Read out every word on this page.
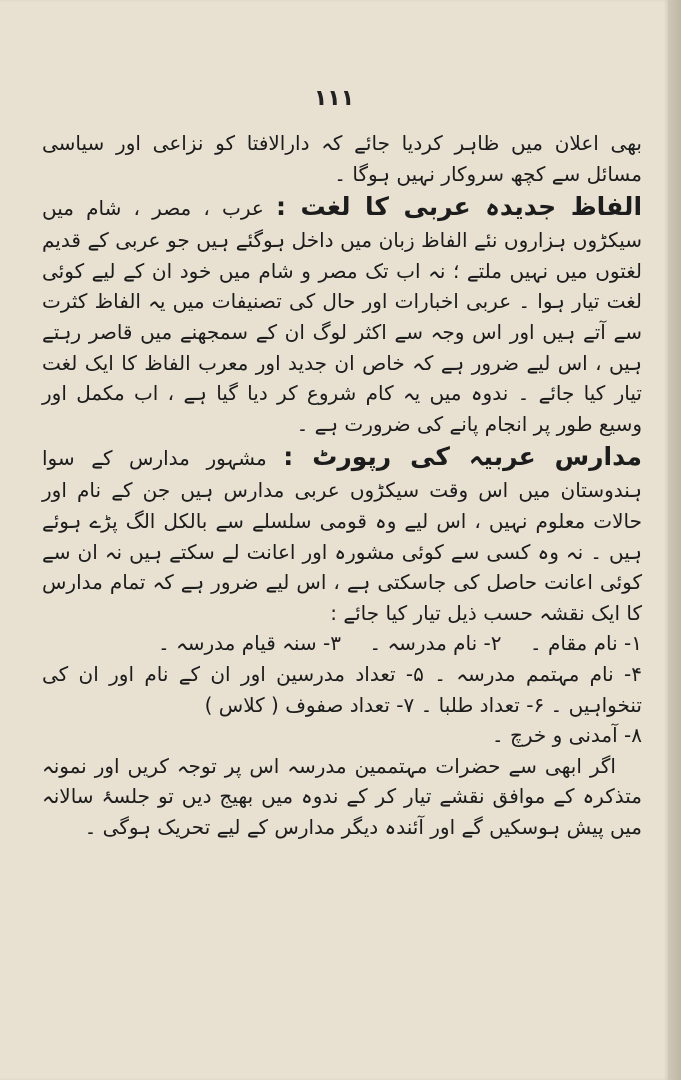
۱۱۱

بھی اعلان میں ظاہر کردیا جائے کہ دارالافتا کو نزاعی اور سیاسی مسائل سے کچھ سروکار نہیں ہوگا ۔

الفاظ جدیدہ عربی کا لغت : عرب ، مصر ، شام میں سیکڑوں ہزاروں نئے الفاظ زبان میں داخل ہوگئے ہیں جو عربی کے قدیم لغتوں میں نہیں ملتے ؛ نہ اب تک مصر و شام میں خود ان کے لیے کوئی لغت تیار ہوا ۔ عربی اخبارات اور حال کی تصنیفات میں یہ الفاظ کثرت سے آتے ہیں اور اس وجہ سے اکثر لوگ ان کے سمجھنے میں قاصر رہتے ہیں ، اس لیے ضرور ہے کہ خاص ان جدید اور معرب الفاظ کا ایک لغت تیار کیا جائے ۔ ندوہ میں یہ کام شروع کر دیا گیا ہے ، اب مکمل اور وسیع طور پر انجام پانے کی ضرورت ہے ۔

مدارس عربیہ کی رپورٹ : مشہور مدارس کے سوا ہندوستان میں اس وقت سیکڑوں عربی مدارس ہیں جن کے نام اور حالات معلوم نہیں ، اس لیے وہ قومی سلسلے سے بالکل الگ پڑے ہوئے ہیں ۔ نہ وہ کسی سے کوئی مشورہ اور اعانت لے سکتے ہیں نہ ان سے کوئی اعانت حاصل کی جاسکتی ہے ، اس لیے ضرور ہے کہ تمام مدارس کا ایک نقشہ حسب ذیل تیار کیا جائے :

۱- نام مقام ۔ ۲- نام مدرسہ ۔ ۳- سنہ قیام مدرسہ ۔

۴- نام مہتمم مدرسہ ۔ ۵- تعداد مدرسین اور ان کے نام اور ان کی تنخواہیں ۔ ۶- تعداد طلبا ۔ ۷- تعداد صفوف ( کلاس )

۸- آمدنی و خرچ ۔

اگر ابھی سے حضرات مہتممین مدرسہ اس پر توجہ کریں اور نمونہ متذکرہ کے موافق نقشے تیار کر کے ندوہ میں بھیج دیں تو جلسۂ سالانہ میں پیش ہوسکیں گے اور آئندہ دیگر مدارس کے لیے تحریک ہوگی ۔
